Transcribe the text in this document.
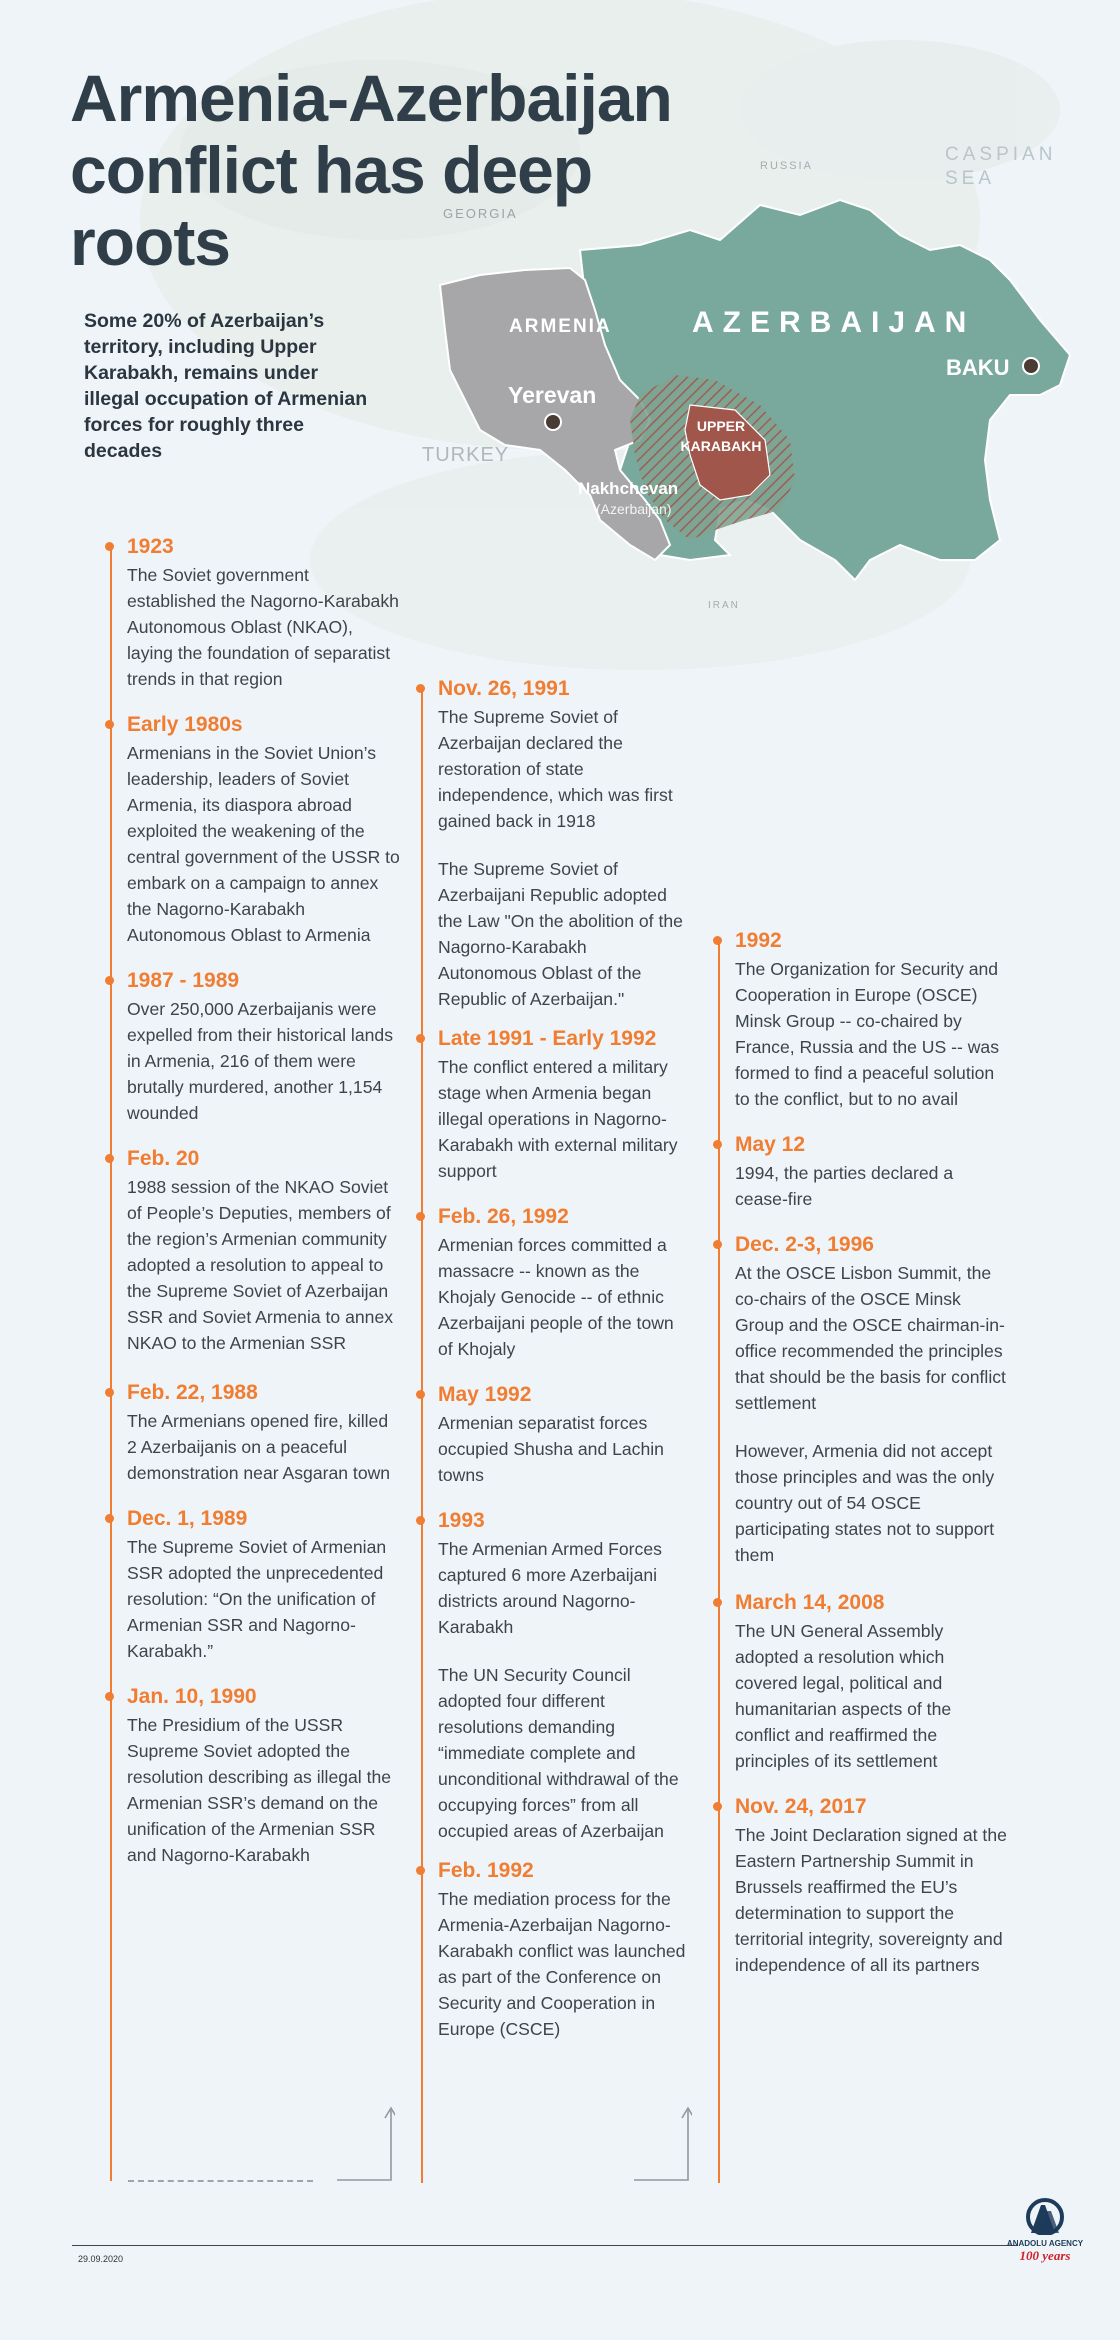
RUSSIA
CASPIAN
SEA
GEORGIA
ARMENIA	AZERBAIJAN
Yerevan
BAKU
UPPER
KARABAKH
TURKEY
Nakhchevan
(Azerbaijan)
IRAN
Armenia-Azerbaijan conflict has deep roots
Some 20% of Azerbaijan’s territory, including Upper Karabakh, remains under illegal occupation of Armenian forces for roughly three decades
1923

The Soviet government established the Nagorno-Karabakh Autonomous Oblast (NKAO), laying the foundation of separatist trends in that region

Early 1980s

Armenians in the Soviet Union’s leadership, leaders of Soviet Armenia, its diaspora abroad exploited the weakening of the central government of the USSR to embark on a campaign to annex the Nagorno-Karabakh Autonomous Oblast to Armenia

1987 - 1989

Over 250,000 Azerbaijanis were expelled from their historical lands in Armenia, 216 of them were brutally murdered, another 1,154 wounded

Feb. 20

1988 session of the NKAO Soviet of People’s Deputies, members of the region’s Armenian community adopted a resolution to appeal to the Supreme Soviet of Azerbaijan SSR and Soviet Armenia to annex NKAO to the Armenian SSR

Feb. 22, 1988

The Armenians opened fire, killed 2 Azerbaijanis on a peaceful demonstration near Asgaran town

Dec. 1, 1989

The Supreme Soviet of Armenian SSR adopted the unprecedented resolution: “On the unification of Armenian SSR and Nagorno-Karabakh.”

Jan. 10, 1990

The Presidium of the USSR Supreme Soviet adopted the resolution describing as illegal the Armenian SSR’s demand on the unification of the Armenian SSR and Nagorno-Karabakh

Nov. 26, 1991

The Supreme Soviet of Azerbaijan declared the restoration of state independence, which was first gained back in 1918

The Supreme Soviet of Azerbaijani Republic adopted the Law "On the abolition of the Nagorno-Karabakh Autonomous Oblast of the Republic of Azerbaijan."

Late 1991 - Early 1992

The conflict entered a military stage when Armenia began illegal operations in Nagorno-Karabakh with external military support

Feb. 26, 1992

Armenian forces committed a massacre -- known as the Khojaly Genocide -- of ethnic Azerbaijani people of the town of Khojaly

May 1992

Armenian separatist forces occupied Shusha and Lachin towns

1993

The Armenian Armed Forces captured 6 more Azerbaijani districts around Nagorno-Karabakh

The UN Security Council adopted four different resolutions demanding “immediate complete and unconditional withdrawal of the occupying forces” from all occupied areas of Azerbaijan

Feb. 1992

The mediation process for the Armenia-Azerbaijan Nagorno-Karabakh conflict was launched as part of the Conference on Security and Cooperation in Europe (CSCE)

1992

The Organization for Security and Cooperation in Europe (OSCE) Minsk Group -- co-chaired by France, Russia and the US -- was formed to find a peaceful solution to the conflict, but to no avail

May 12

1994, the parties declared a cease-fire

Dec. 2-3, 1996

At the OSCE Lisbon Summit, the co-chairs of the OSCE Minsk Group and the OSCE chairman-in-office recommended the principles that should be the basis for conflict settlement

However, Armenia did not accept those principles and was the only country out of 54 OSCE participating states not to support them

March 14, 2008

The UN General Assembly adopted a resolution which covered legal, political and humanitarian aspects of the conflict and reaffirmed the principles of its settlement

Nov. 24, 2017

The Joint Declaration signed at the Eastern Partnership Summit in Brussels reaffirmed the EU’s determination to support the territorial integrity, sovereignty and independence of all its partners

29.09.2020
ANADOLU AGENCY
100 years
